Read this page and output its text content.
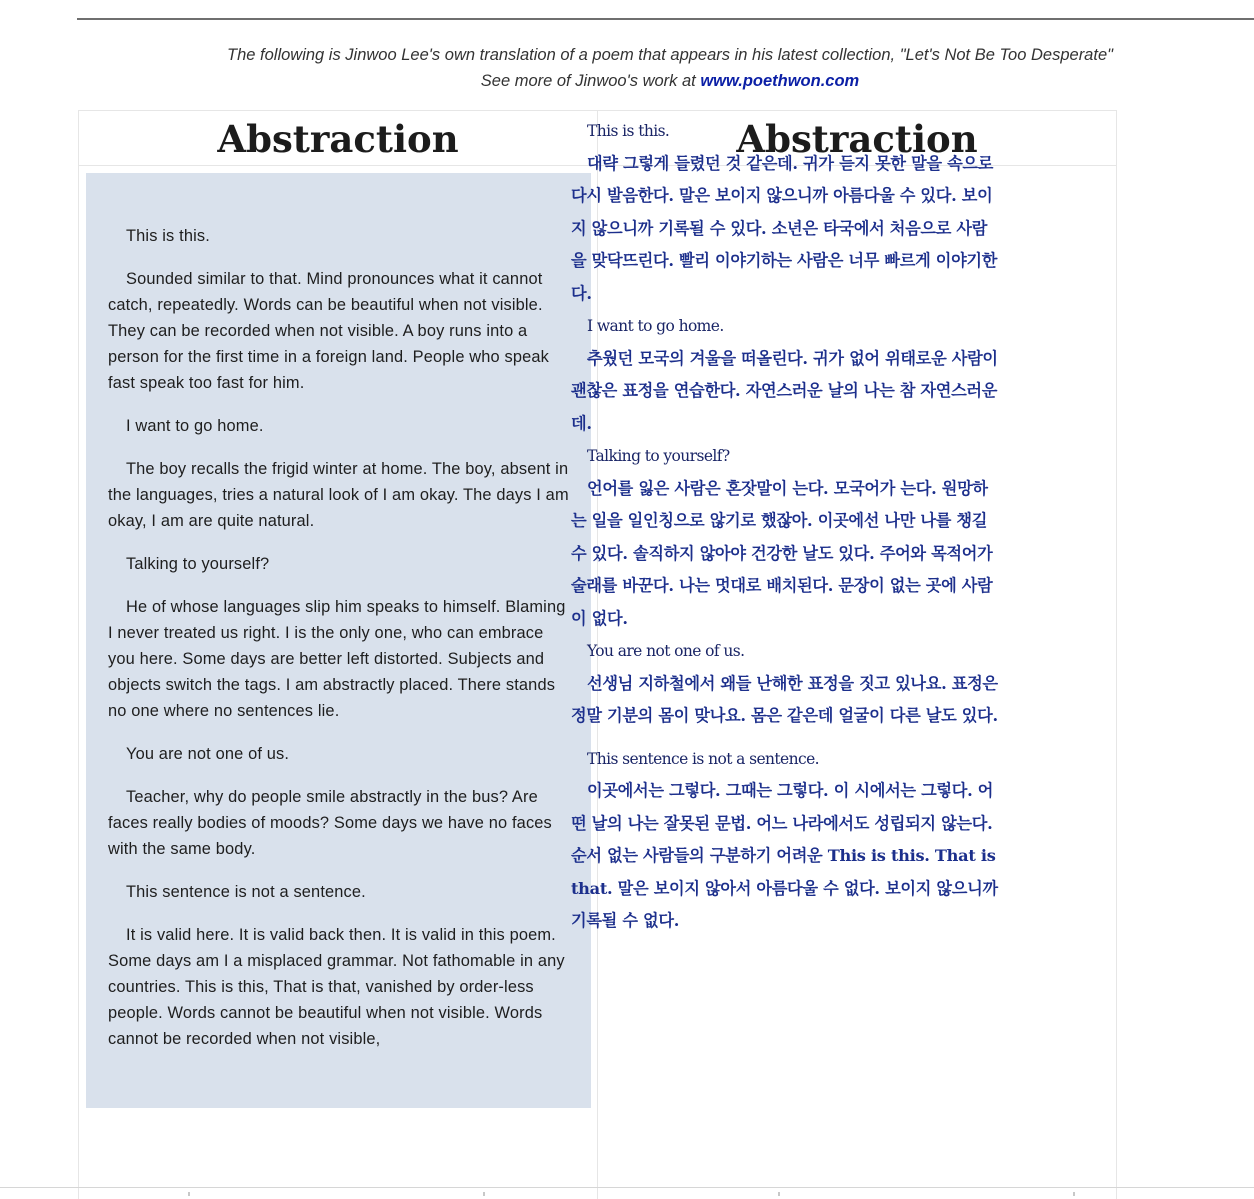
The following is Jinwoo Lee's own translation of a poem that appears in his latest collection, "Let's Not Be Too Desperate"
See more of Jinwoo's work at www.poethwon.com
Abstraction	Abstraction

This is this.

Sounded similar to that. Mind pronounces what it cannot catch, repeatedly. Words can be beautiful when not visible. They can be recorded when not visible. A boy runs into a person for the first time in a foreign land. People who speak fast speak too fast for him.

I want to go home.

The boy recalls the frigid winter at home. The boy, absent in the languages, tries a natural look of I am okay. The days I am okay, I am are quite natural.

Talking to yourself?

He of whose languages slip him speaks to himself. Blaming I never treated us right. I is the only one, who can embrace you here. Some days are better left distorted. Subjects and objects switch the tags. I am abstractly placed. There stands no one where no sentences lie.

You are not one of us.

Teacher, why do people smile abstractly in the bus? Are faces really bodies of moods? Some days we have no faces with the same body.

This sentence is not a sentence.

It is valid here. It is valid back then. It is valid in this poem. Some days am I a misplaced grammar. Not fathomable in any countries. This is this, That is that, vanished by order-less people. Words cannot be beautiful when not visible. Words cannot be recorded when not visible,

This is this.

대략 그렇게 들렸던 것 같은데. 귀가 듣지 못한 말을 속으로 다시 발음한다. 말은 보이지 않으니까 아름다울 수 있다. 보이지 않으니까 기록될 수 있다. 소년은 타국에서 처음으로 사람을 맞닥뜨린다. 빨리 이야기하는 사람은 너무 빠르게 이야기한다.

I want to go home.

추웠던 모국의 겨울을 떠올린다. 귀가 없어 위태로운 사람이 괜찮은 표정을 연습한다. 자연스러운 날의 나는 참 자연스러운데.

Talking to yourself?

언어를 잃은 사람은 혼잣말이 는다. 모국어가 는다. 원망하는 일을 일인칭으로 않기로 했잖아. 이곳에선 나만 나를 챙길 수 있다. 솔직하지 않아야 건강한 날도 있다. 주어와 목적어가 술래를 바꾼다. 나는 멋대로 배치된다. 문장이 없는 곳에 사람이 없다.

You are not one of us.

선생님 지하철에서 왜들 난해한 표정을 짓고 있나요. 표정은 정말 기분의 몸이 맞나요. 몸은 같은데 얼굴이 다른 날도 있다.

This sentence is not a sentence.

이곳에서는 그렇다. 그때는 그렇다. 이 시에서는 그렇다. 어떤 날의 나는 잘못된 문법. 어느 나라에서도 성립되지 않는다. 순서 없는 사람들의 구분하기 어려운 This is this. That is that. 말은 보이지 않아서 아름다울 수 없다. 보이지 않으니까 기록될 수 없다.
